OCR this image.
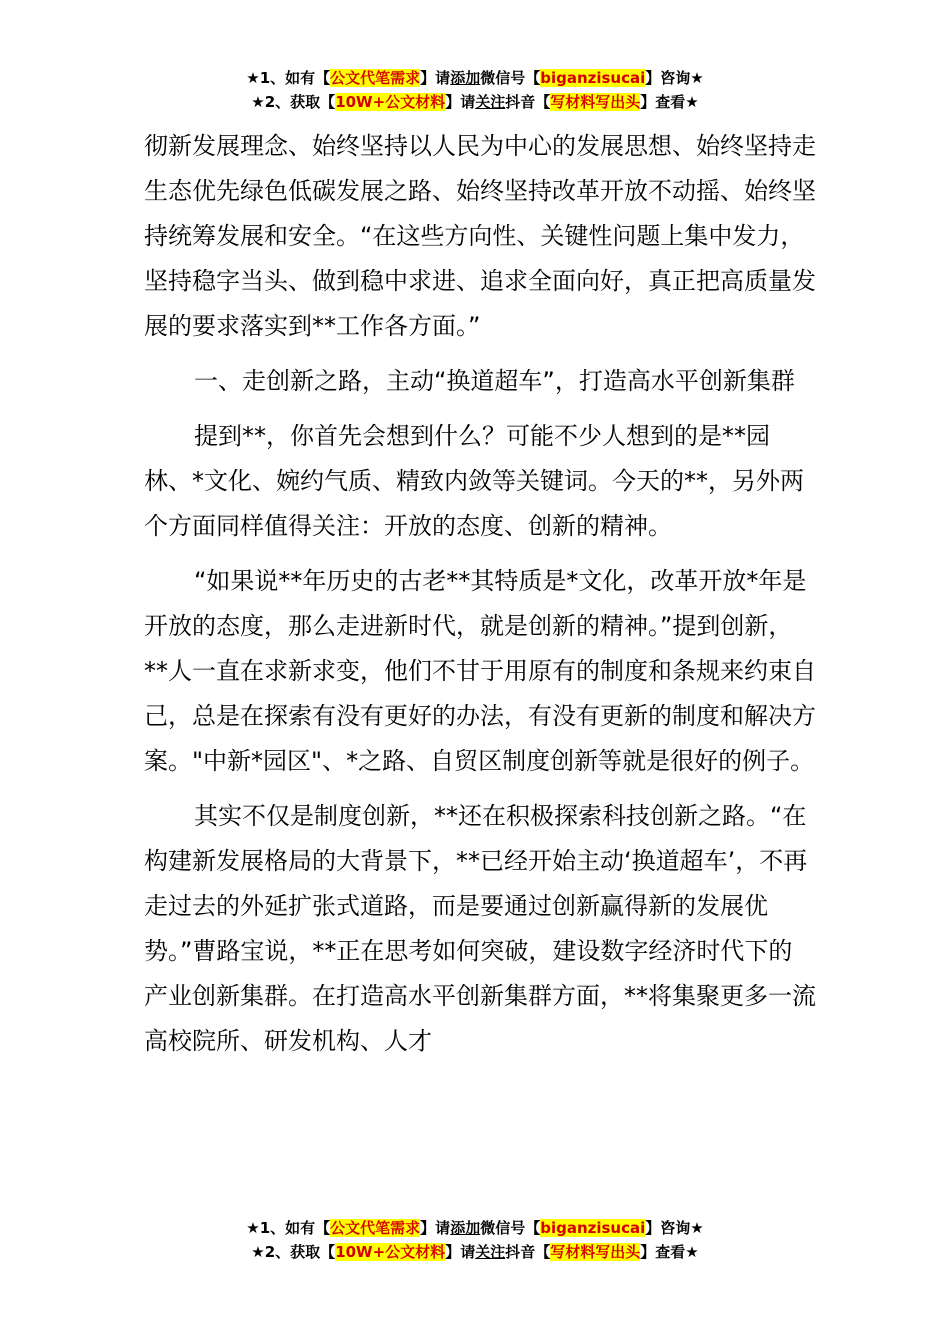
★1、如有【公文代笔需求】请添加微信号【biganzisucai】咨询★
★2、获取【10W+公文材料】请关注抖音【写材料写出头】查看★

彻新发展理念、始终坚持以人民为中心的发展思想、始终坚持走生态优先绿色低碳发展之路、始终坚持改革开放不动摇、始终坚持统筹发展和安全。“在这些方向性、关键性问题上集中发力，坚持稳字当头、做到稳中求进、追求全面向好，真正把高质量发展的要求落实到**工作各方面。”

一、走创新之路，主动“换道超车”，打造高水平创新集群

提到**，你首先会想到什么？可能不少人想到的是**园林、*文化、婉约气质、精致内敛等关键词。今天的**，另外两个方面同样值得关注：开放的态度、创新的精神。

“如果说**年历史的古老**其特质是*文化，改革开放*年是开放的态度，那么走进新时代，就是创新的精神。”提到创新，**人一直在求新求变，他们不甘于用原有的制度和条规来约束自己，总是在探索有没有更好的办法，有没有更新的制度和解决方案。"中新*园区"、*之路、自贸区制度创新等就是很好的例子。

其实不仅是制度创新，**还在积极探索科技创新之路。“在构建新发展格局的大背景下，**已经开始主动‘换道超车’，不再走过去的外延扩张式道路，而是要通过创新赢得新的发展优势。”曹路宝说，**正在思考如何突破，建设数字经济时代下的产业创新集群。在打造高水平创新集群方面，**将集聚更多一流高校院所、研发机构、人才

★1、如有【公文代笔需求】请添加微信号【biganzisucai】咨询★
★2、获取【10W+公文材料】请关注抖音【写材料写出头】查看★
